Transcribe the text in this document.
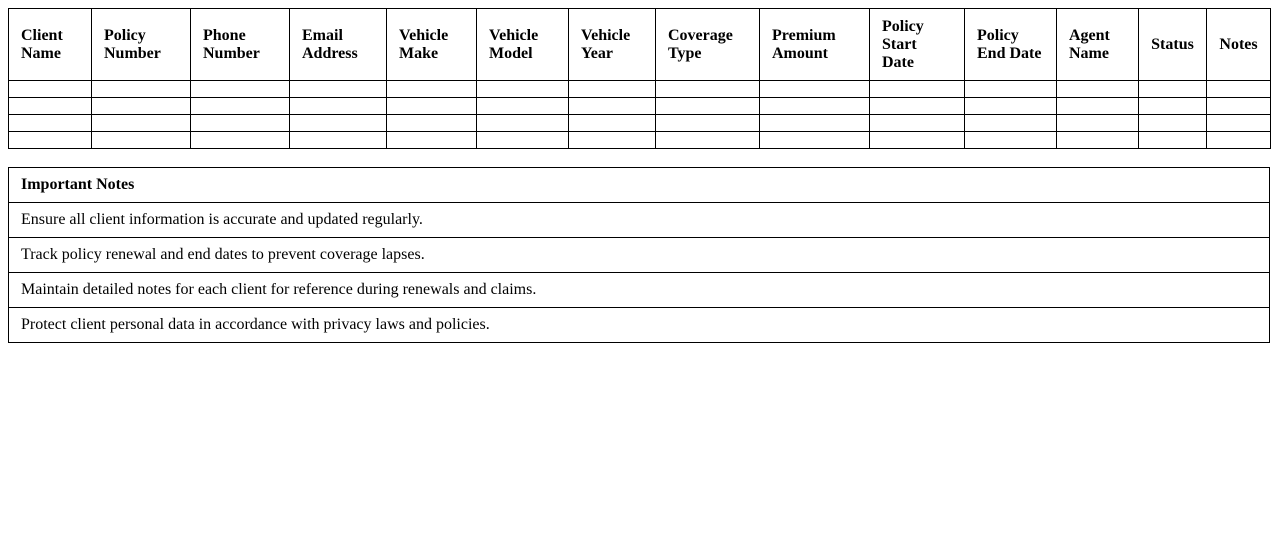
Client Name	Policy Number	Phone Number	Email Address	Vehicle Make	Vehicle Model	Vehicle Year	Coverage Type	Premium Amount	Policy Start Date	Policy End Date	Agent Name	Status	Notes

Important Notes
Ensure all client information is accurate and updated regularly.
Track policy renewal and end dates to prevent coverage lapses.
Maintain detailed notes for each client for reference during renewals and claims.
Protect client personal data in accordance with privacy laws and policies.
